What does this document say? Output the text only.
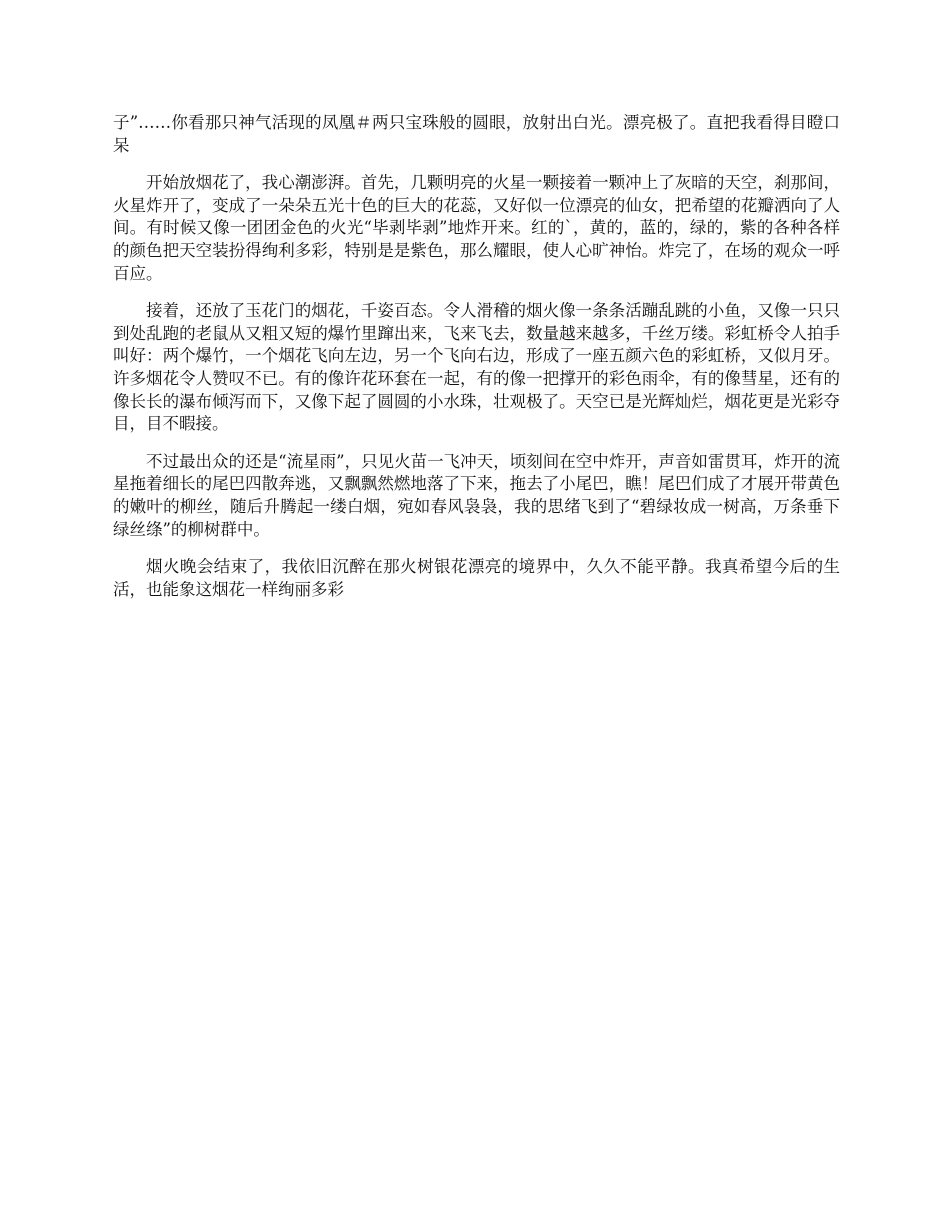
子”……你看那只神气活现的凤凰＃两只宝珠般的圆眼，放射出白光。漂亮极了。直把我看得目瞪口呆

开始放烟花了，我心潮澎湃。首先，几颗明亮的火星一颗接着一颗冲上了灰暗的天空，刹那间，火星炸开了，变成了一朵朵五光十色的巨大的花蕊，又好似一位漂亮的仙女，把希望的花瓣洒向了人间。有时候又像一团团金色的火光“毕剥毕剥”地炸开来。红的`，黄的，蓝的，绿的，紫的各种各样的颜色把天空装扮得绚利多彩，特别是是紫色，那么耀眼，使人心旷神怡。炸完了，在场的观众一呼百应。

接着，还放了玉花门的烟花，千姿百态。令人滑稽的烟火像一条条活蹦乱跳的小鱼，又像一只只到处乱跑的老鼠从又粗又短的爆竹里蹿出来，飞来飞去，数量越来越多，千丝万缕。彩虹桥令人拍手叫好：两个爆竹，一个烟花飞向左边，另一个飞向右边，形成了一座五颜六色的彩虹桥，又似月牙。许多烟花令人赞叹不已。有的像许花环套在一起，有的像一把撑开的彩色雨伞，有的像彗星，还有的像长长的瀑布倾泻而下，又像下起了圆圆的小水珠，壮观极了。天空已是光辉灿烂，烟花更是光彩夺目，目不暇接。

不过最出众的还是“流星雨”，只见火苗一飞冲天，顷刻间在空中炸开，声音如雷贯耳，炸开的流星拖着细长的尾巴四散奔逃，又飘飘然燃地落了下来，拖去了小尾巴，瞧！尾巴们成了才展开带黄色的嫩叶的柳丝，随后升腾起一缕白烟，宛如春风袅袅，我的思绪飞到了“碧绿妆成一树高，万条垂下绿丝绦”的柳树群中。

烟火晚会结束了，我依旧沉醉在那火树银花漂亮的境界中，久久不能平静。我真希望今后的生活，也能象这烟花一样绚丽多彩
